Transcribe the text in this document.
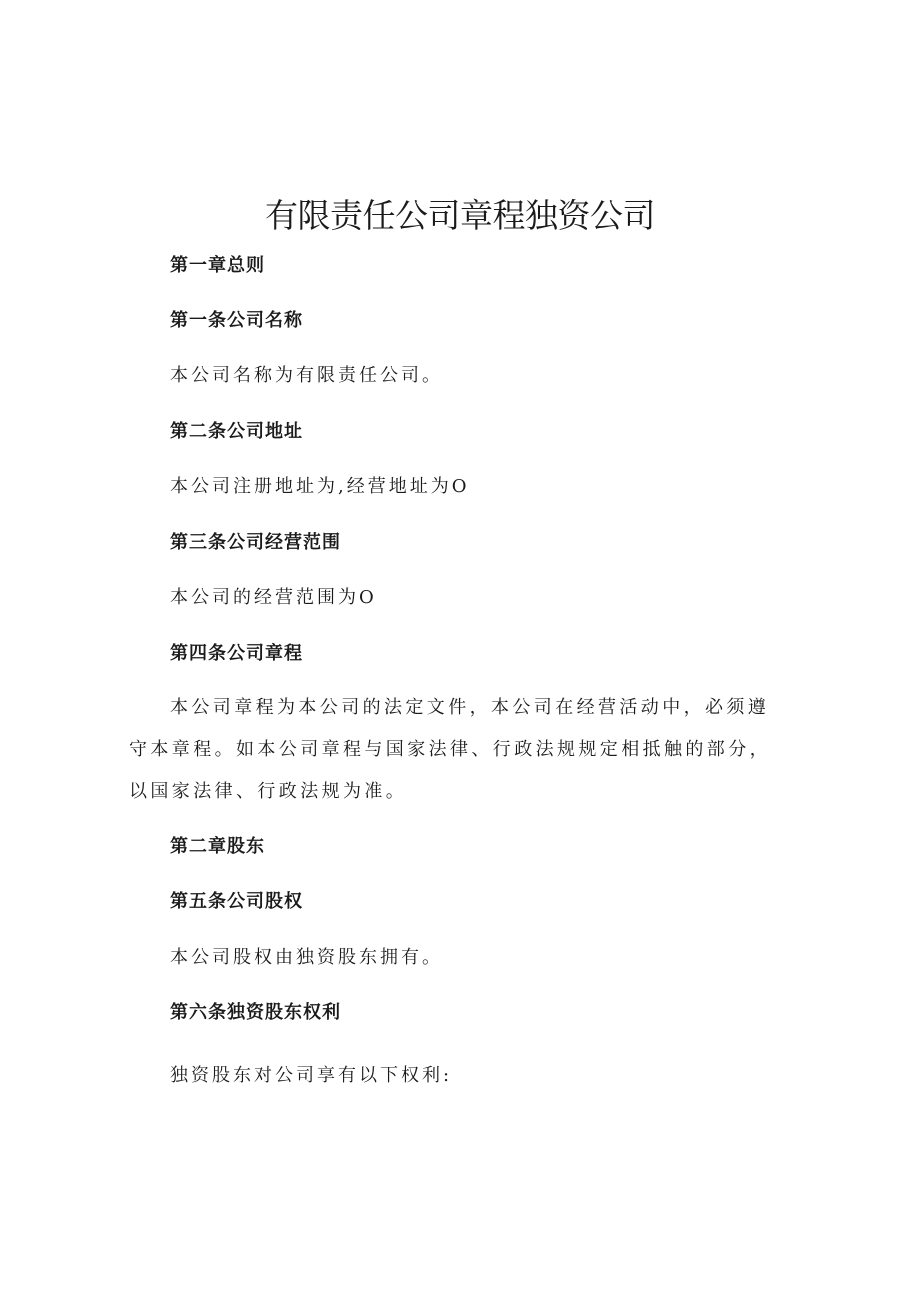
有限责任公司章程独资公司
第一章总则
第一条公司名称
本公司名称为有限责任公司。
第二条公司地址
本公司注册地址为,经营地址为O
第三条公司经营范围
本公司的经营范围为O
第四条公司章程

本公司章程为本公司的法定文件，本公司在经营活动中，必须遵守本章程。如本公司章程与国家法律、行政法规规定相抵触的部分，以国家法律、行政法规为准。

第二章股东
第五条公司股权
本公司股权由独资股东拥有。
第六条独资股东权利
独资股东对公司享有以下权利:
